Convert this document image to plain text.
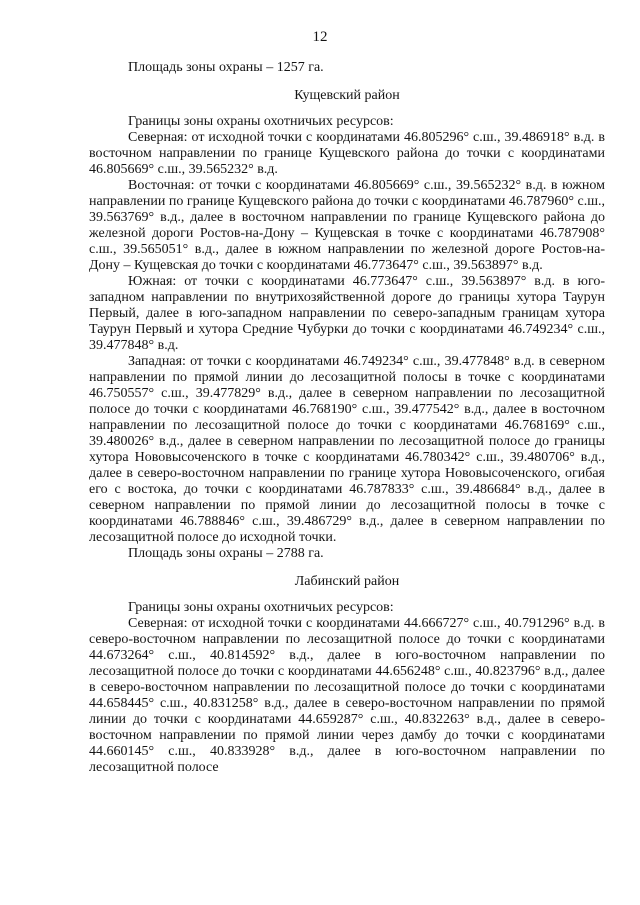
12

Площадь зоны охраны – 1257 га.

Кущевский район

Границы зоны охраны охотничьих ресурсов:

Северная: от исходной точки с координатами 46.805296° с.ш., 39.486918° в.д. в восточном направлении по границе Кущевского района до точки с координатами 46.805669° с.ш., 39.565232° в.д.

Восточная: от точки с координатами 46.805669° с.ш., 39.565232° в.д. в южном направлении по границе Кущевского района до точки с координатами 46.787960° с.ш., 39.563769° в.д., далее в восточном направлении по границе Кущевского района до железной дороги Ростов-на-Дону – Кущевская в точке с координатами 46.787908° с.ш., 39.565051° в.д., далее в южном направлении по железной дороге Ростов-на-Дону – Кущевская до точки с координатами 46.773647° с.ш., 39.563897° в.д.

Южная: от точки с координатами 46.773647° с.ш., 39.563897° в.д. в юго-западном направлении по внутрихозяйственной дороге до границы хутора Таурун Первый, далее в юго-западном направлении по северо-западным границам хутора Таурун Первый и хутора Средние Чубурки до точки с координатами 46.749234° с.ш., 39.477848° в.д.

Западная: от точки с координатами 46.749234° с.ш., 39.477848° в.д. в северном направлении по прямой линии до лесозащитной полосы в точке с координатами 46.750557° с.ш., 39.477829° в.д., далее в северном направлении по лесозащитной полосе до точки с координатами 46.768190° с.ш., 39.477542° в.д., далее в восточном направлении по лесозащитной полосе до точки с координатами 46.768169° с.ш., 39.480026° в.д., далее в северном направлении по лесозащитной полосе до границы хутора Нововысоченского в точке с координатами 46.780342° с.ш., 39.480706° в.д., далее в северо-восточном направлении по границе хутора Нововысоченского, огибая его с востока, до точки с координатами 46.787833° с.ш., 39.486684° в.д., далее в северном направлении по прямой линии до лесозащитной полосы в точке с координатами 46.788846° с.ш., 39.486729° в.д., далее в северном направлении по лесозащитной полосе до исходной точки.

Площадь зоны охраны – 2788 га.

Лабинский район

Границы зоны охраны охотничьих ресурсов:

Северная: от исходной точки с координатами 44.666727° с.ш., 40.791296° в.д. в северо-восточном направлении по лесозащитной полосе до точки с координатами 44.673264° с.ш., 40.814592° в.д., далее в юго-восточном направлении по лесозащитной полосе до точки с координатами 44.656248° с.ш., 40.823796° в.д., далее в северо-восточном направлении по лесозащитной полосе до точки с координатами 44.658445° с.ш., 40.831258° в.д., далее в северо-восточном направлении по прямой линии до точки с координатами 44.659287° с.ш., 40.832263° в.д., далее в северо-восточном направлении по прямой линии через дамбу до точки с координатами 44.660145° с.ш., 40.833928° в.д., далее в юго-восточном направлении по лесозащитной полосе
